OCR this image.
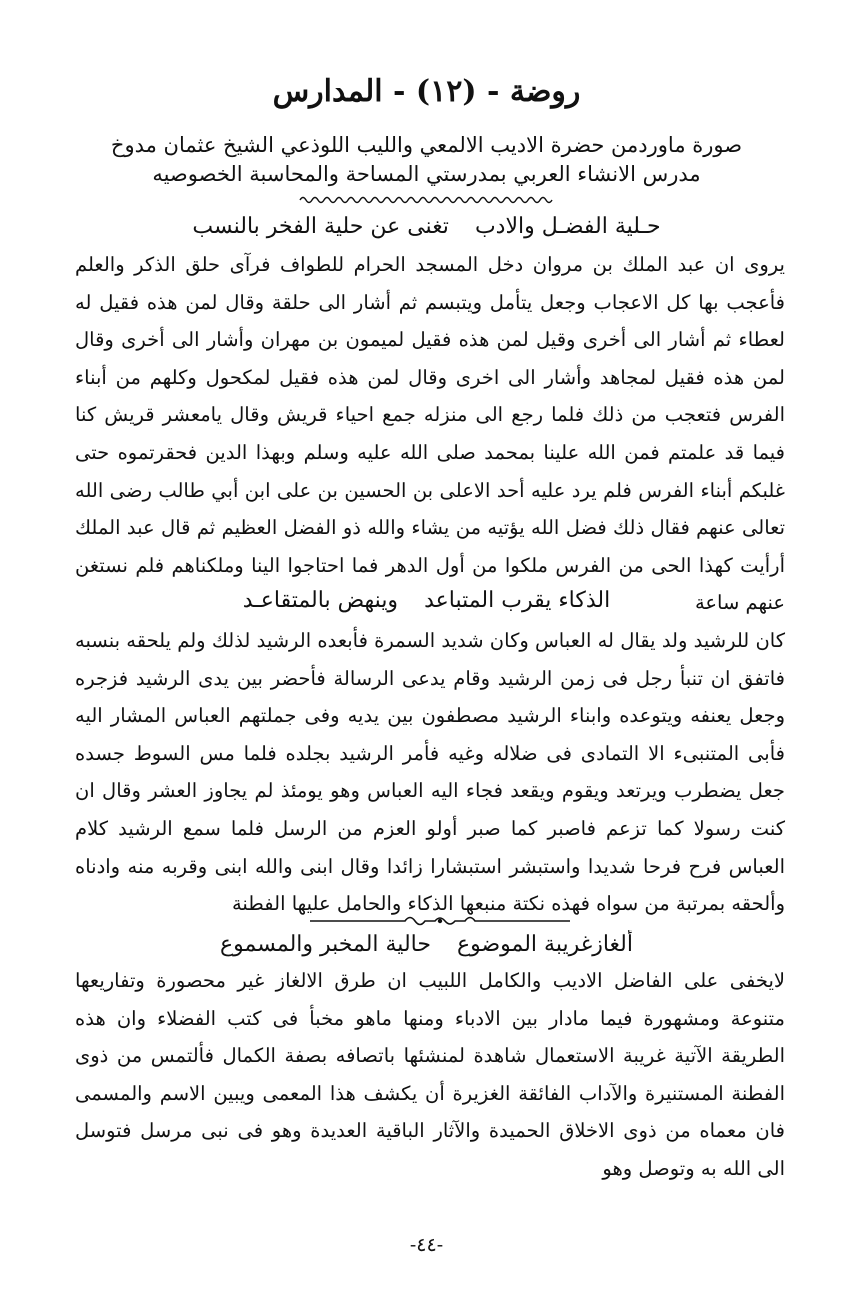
روضة - (١٢) - المدارس
صورة ماوردمن حضرة الاديب الالمعي والليب اللوذعي الشيخ عثمان مدوخ
مدرس الانشاء العربي بمدرستي المساحة والمحاسبة الخصوصيه
حـلية الفضـل والادبتغنى عن حلية الفخر بالنسب

يروى ان عبد الملك بن مروان دخل المسجد الحرام للطواف فرآى حلق الذكر والعلم فأعجب بها كل الاعجاب وجعل يتأمل ويتبسم ثم أشار الى حلقة وقال لمن هذه فقيل له لعطاء ثم أشار الى أخرى وقيل لمن هذه فقيل لميمون بن مهران وأشار الى أخرى وقال لمن هذه فقيل لمجاهد وأشار الى اخرى وقال لمن هذه فقيل لمكحول وكلهم من أبناء الفرس فتعجب من ذلك فلما رجع الى منزله جمع احياء قريش وقال يامعشر قريش كنا فيما قد علمتم فمن الله علينا بمحمد صلى الله عليه وسلم وبهذا الدين فحقرتموه حتى غلبكم أبناء الفرس فلم يرد عليه أحد الاعلى بن الحسين بن على ابن أبي طالب رضى الله تعالى عنهم فقال ذلك فضل الله يؤتيه من يشاء والله ذو الفضل العظيم ثم قال عبد الملك أرأيت كهذا الحى من الفرس ملكوا من أول الدهر فما احتاجوا الينا وملكناهم فلم نستغن عنهم ساعة

الذكاء يقرب المتباعدوينهض بالمتقاعـد

كان للرشيد ولد يقال له العباس وكان شديد السمرة فأبعده الرشيد لذلك ولم يلحقه بنسبه فاتفق ان تنبأ رجل فى زمن الرشيد وقام يدعى الرسالة فأحضر بين يدى الرشيد فزجره وجعل يعنفه ويتوعده وابناء الرشيد مصطفون بين يديه وفى جملتهم العباس المشار اليه فأبى المتنبىء الا التمادى فى ضلاله وغيه فأمر الرشيد بجلده فلما مس السوط جسده جعل يضطرب ويرتعد ويقوم ويقعد فجاء اليه العباس وهو يومئذ لم يجاوز العشر وقال ان كنت رسولا كما تزعم فاصبر كما صبر أولو العزم من الرسل فلما سمع الرشيد كلام العباس فرح فرحا شديدا واستبشر استبشارا زائدا وقال ابنى والله ابنى وقربه منه وادناه وألحقه بمرتبة من سواه فهذه نكتة منبعها الذكاء والحامل عليها الفطنة

ألغازغريبة الموضوعحالية المخبر والمسموع

لايخفى على الفاضل الاديب والكامل اللبيب ان طرق الالغاز غير محصورة وتفاريعها متنوعة ومشهورة فيما مادار بين الادباء ومنها ماهو مخبأ فى كتب الفضلاء وان هذه الطريقة الآتية غريبة الاستعمال شاهدة لمنشئها باتصافه بصفة الكمال فألتمس من ذوى الفطنة المستنيرة والآداب الفائقة الغزيرة أن يكشف هذا المعمى ويبين الاسم والمسمى فان معماه من ذوى الاخلاق الحميدة والآثار الباقية العديدة وهو فى نبى مرسل فتوسل الى الله به وتوصل وهو

-٤٤-
